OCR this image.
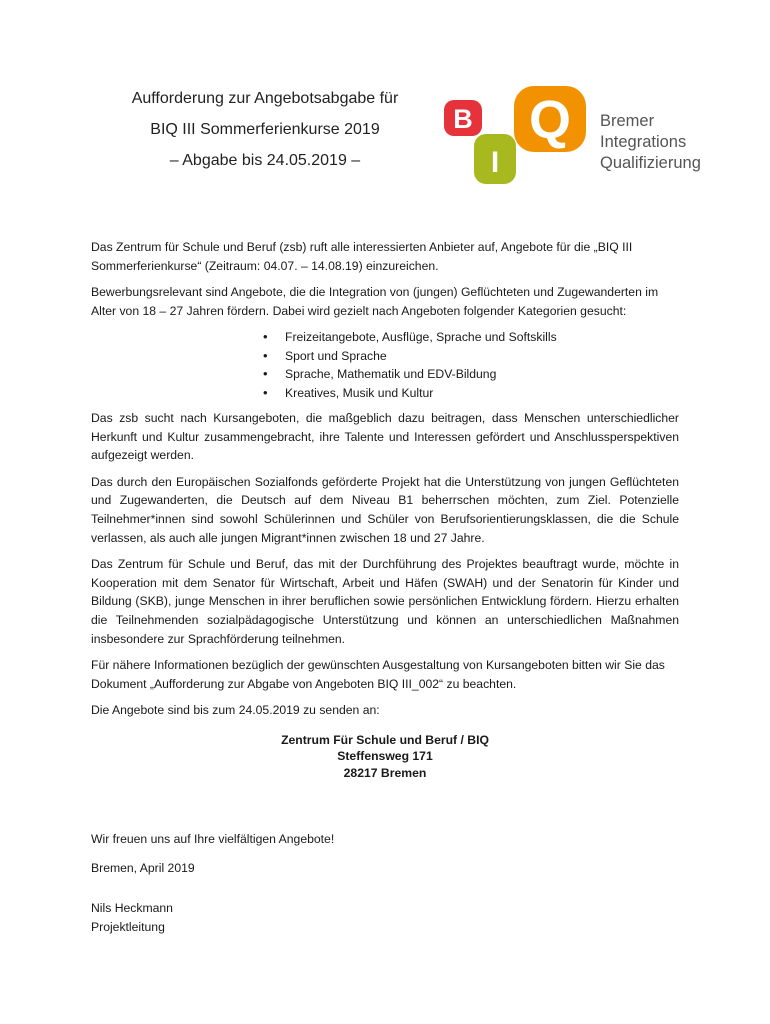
Aufforderung zur Angebotsabgabe für
BIQ III Sommerferienkurse 2019
– Abgabe bis 24.05.2019 –
B
I
Q Bremer
Integrations
Qualifizierung

Das Zentrum für Schule und Beruf (zsb) ruft alle interessierten Anbieter auf, Angebote für die „BIQ III Sommerferienkurse“ (Zeitraum: 04.07. – 14.08.19) einzureichen.

Bewerbungsrelevant sind Angebote, die die Integration von (jungen) Geflüchteten und Zugewanderten im Alter von 18 – 27 Jahren fördern. Dabei wird gezielt nach Angeboten folgender Kategorien gesucht:

• Freizeitangebote, Ausflüge, Sprache und Softskills
• Sport und Sprache
• Sprache, Mathematik und EDV-Bildung
• Kreatives, Musik und Kultur

Das zsb sucht nach Kursangeboten, die maßgeblich dazu beitragen, dass Menschen unterschiedlicher Herkunft und Kultur zusammengebracht, ihre Talente und Interessen gefördert und Anschlussperspektiven aufgezeigt werden.

Das durch den Europäischen Sozialfonds geförderte Projekt hat die Unterstützung von jungen Geflüchteten und Zugewanderten, die Deutsch auf dem Niveau B1 beherrschen möchten, zum Ziel. Potenzielle Teilnehmer*innen sind sowohl Schülerinnen und Schüler von Berufsorientierungsklassen, die die Schule verlassen, als auch alle jungen Migrant*innen zwischen 18 und 27 Jahre.

Das Zentrum für Schule und Beruf, das mit der Durchführung des Projektes beauftragt wurde, möchte in Kooperation mit dem Senator für Wirtschaft, Arbeit und Häfen (SWAH) und der Senatorin für Kinder und Bildung (SKB), junge Menschen in ihrer beruflichen sowie persönlichen Entwicklung fördern. Hierzu erhalten die Teilnehmenden sozialpädagogische Unterstützung und können an unterschiedlichen Maßnahmen insbesondere zur Sprachförderung teilnehmen.

Für nähere Informationen bezüglich der gewünschten Ausgestaltung von Kursangeboten bitten wir Sie das Dokument „Aufforderung zur Abgabe von Angeboten BIQ III_002“ zu beachten.

Die Angebote sind bis zum 24.05.2019 zu senden an:

Zentrum Für Schule und Beruf / BIQ
Steffensweg 171
28217 Bremen
Wir freuen uns auf Ihre vielfältigen Angebote!
Bremen, April 2019
Nils Heckmann
Projektleitung
